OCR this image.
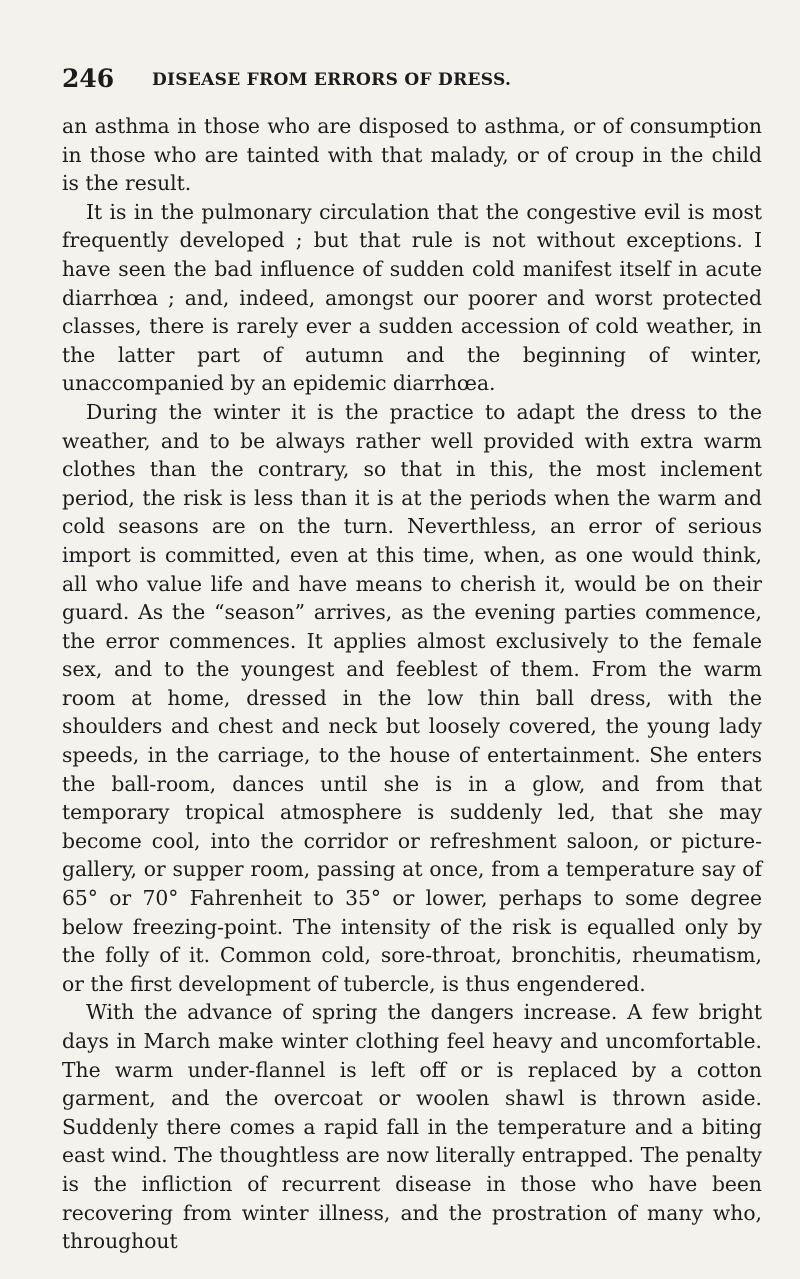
246 DISEASE FROM ERRORS OF DRESS.

an asthma in those who are disposed to asthma, or of consumption in those who are tainted with that malady, or of croup in the child is the result.

It is in the pulmonary circulation that the congestive evil is most frequently developed ; but that rule is not without exceptions. I have seen the bad influence of sudden cold manifest itself in acute diarrhœa ; and, indeed, amongst our poorer and worst protected classes, there is rarely ever a sudden accession of cold weather, in the latter part of autumn and the beginning of winter, unaccompanied by an epidemic diarrhœa.

During the winter it is the practice to adapt the dress to the weather, and to be always rather well provided with extra warm clothes than the contrary, so that in this, the most inclement period, the risk is less than it is at the periods when the warm and cold seasons are on the turn. Neverthless, an error of serious import is committed, even at this time, when, as one would think, all who value life and have means to cherish it, would be on their guard. As the “season” arrives, as the evening parties commence, the error commences. It applies almost exclusively to the female sex, and to the youngest and feeblest of them. From the warm room at home, dressed in the low thin ball dress, with the shoulders and chest and neck but loosely covered, the young lady speeds, in the carriage, to the house of entertainment. She enters the ball-room, dances until she is in a glow, and from that temporary tropical atmosphere is suddenly led, that she may become cool, into the corridor or refreshment saloon, or picture-gallery, or supper room, passing at once, from a temperature say of 65° or 70° Fahrenheit to 35° or lower, perhaps to some degree below freezing-point. The intensity of the risk is equalled only by the folly of it. Common cold, sore-throat, bronchitis, rheumatism, or the first development of tubercle, is thus engendered.

With the advance of spring the dangers increase. A few bright days in March make winter clothing feel heavy and uncomfortable. The warm under-flannel is left off or is replaced by a cotton garment, and the overcoat or woolen shawl is thrown aside. Suddenly there comes a rapid fall in the temperature and a biting east wind. The thoughtless are now literally entrapped. The penalty is the infliction of recurrent disease in those who have been recovering from winter illness, and the prostration of many who, throughout
